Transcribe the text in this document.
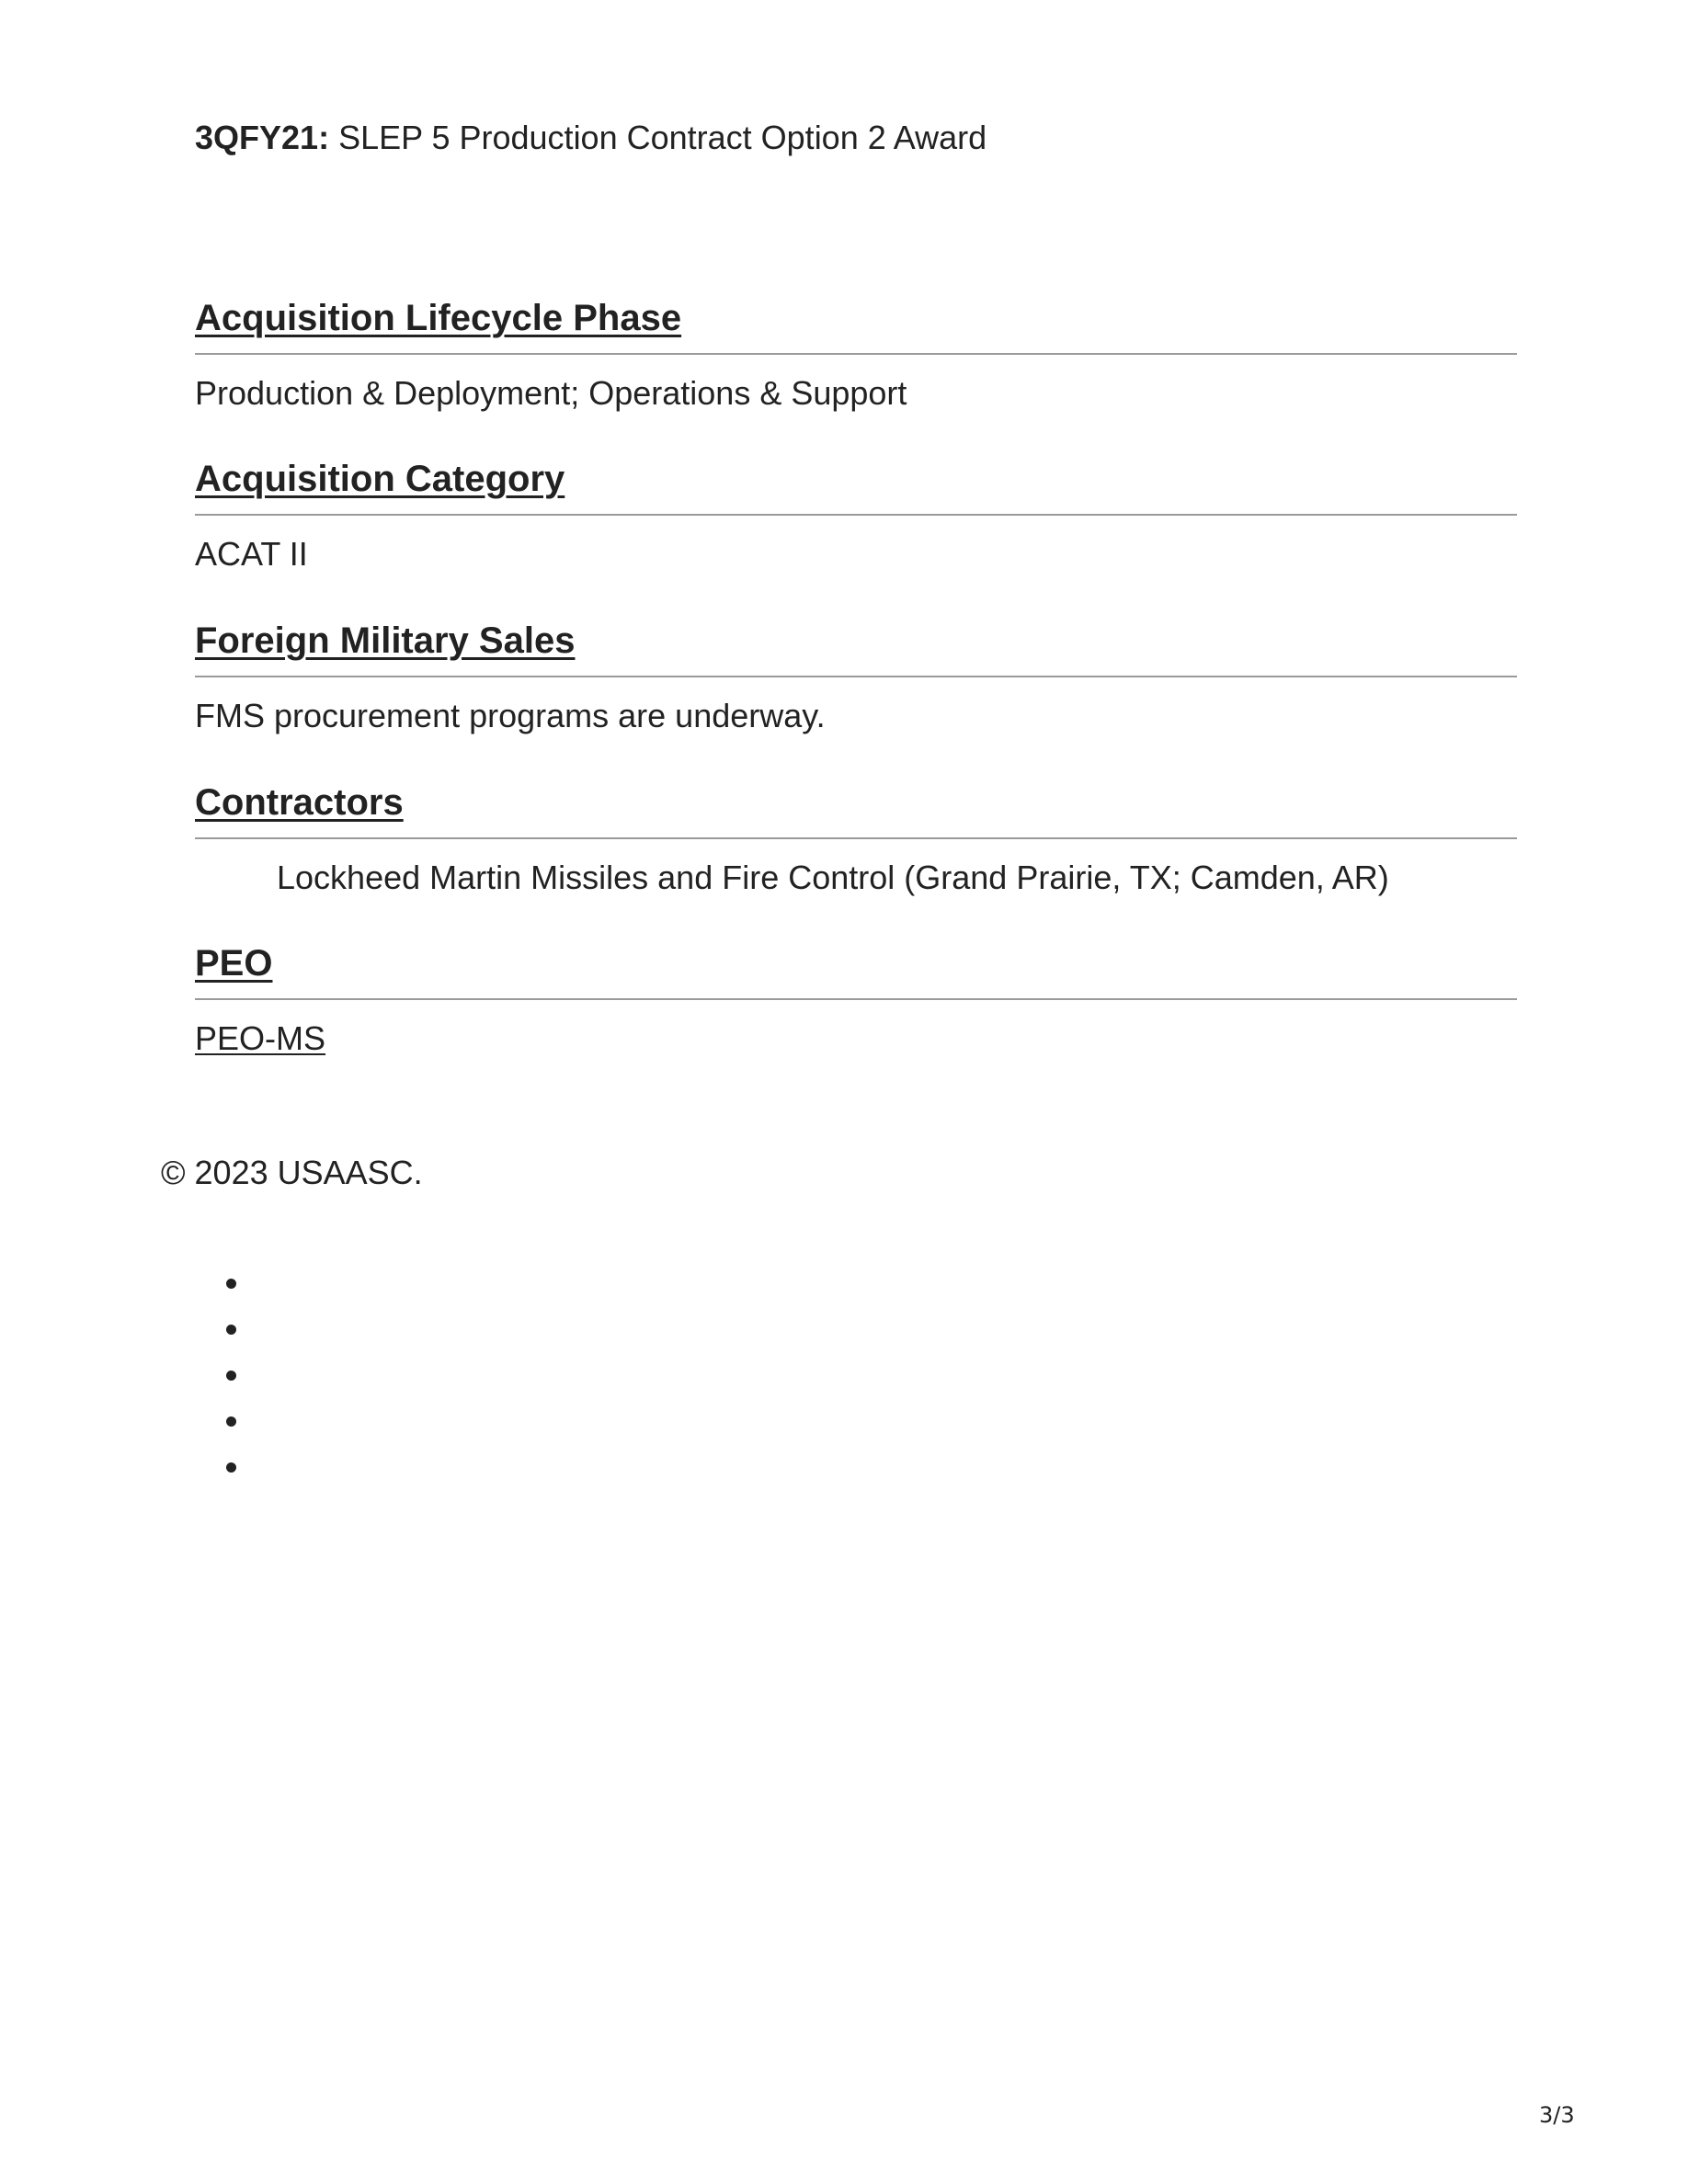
3QFY21: SLEP 5 Production Contract Option 2 Award
Acquisition Lifecycle Phase
Production & Deployment; Operations & Support
Acquisition Category
ACAT II
Foreign Military Sales
FMS procurement programs are underway.
Contractors
Lockheed Martin Missiles and Fire Control (Grand Prairie, TX; Camden, AR)
PEO
PEO-MS
© 2023 USAASC.
3/3
